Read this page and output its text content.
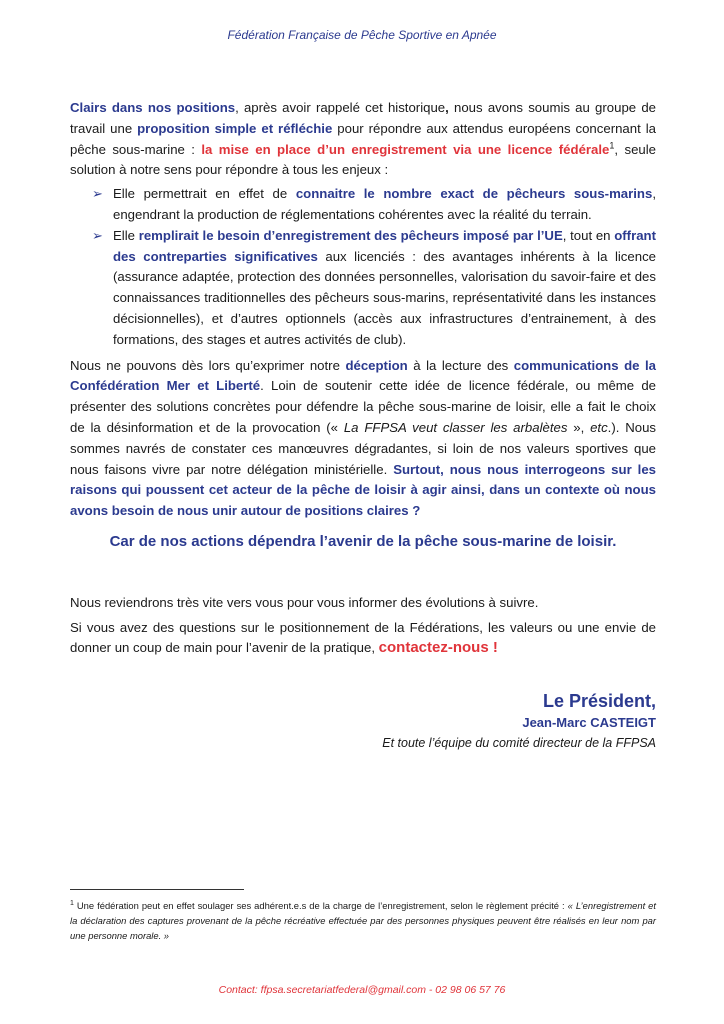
Fédération Française de Pêche Sportive en Apnée

Clairs dans nos positions, après avoir rappelé cet historique, nous avons soumis au groupe de travail une proposition simple et réfléchie pour répondre aux attendus européens concernant la pêche sous-marine : la mise en place d’un enregistrement via une licence fédérale$^1$, seule solution à notre sens pour répondre à tous les enjeux :

➢ Elle permettrait en effet de connaitre le nombre exact de pêcheurs sous-marins, engendrant la production de réglementations cohérentes avec la réalité du terrain.
➢ Elle remplirait le besoin d’enregistrement des pêcheurs imposé par l’UE, tout en offrant des contreparties significatives aux licenciés : des avantages inhérents à la licence (assurance adaptée, protection des données personnelles, valorisation du savoir-faire et des connaissances traditionnelles des pêcheurs sous-marins, représentativité dans les instances décisionnelles), et d’autres optionnels (accès aux infrastructures d’entrainement, à des formations, des stages et autres activités de club).

Nous ne pouvons dès lors qu’exprimer notre déception à la lecture des communications de la Confédération Mer et Liberté. Loin de soutenir cette idée de licence fédérale, ou même de présenter des solutions concrètes pour défendre la pêche sous-marine de loisir, elle a fait le choix de la désinformation et de la provocation (« La FFPSA veut classer les arbalètes », etc.). Nous sommes navrés de constater ces manœuvres dégradantes, si loin de nos valeurs sportives que nous faisons vivre par notre délégation ministérielle. Surtout, nous nous interrogeons sur les raisons qui poussent cet acteur de la pêche de loisir à agir ainsi, dans un contexte où nous avons besoin de nous unir autour de positions claires ?

Car de nos actions dépendra l’avenir de la pêche sous-marine de loisir.

Nous reviendrons très vite vers vous pour vous informer des évolutions à suivre.

Si vous avez des questions sur le positionnement de la Fédérations, les valeurs ou une envie de donner un coup de main pour l’avenir de la pratique, contactez-nous !

Le Président,
Jean-Marc CASTEIGT
Et toute l’équipe du comité directeur de la FFPSA
$^1$ Une fédération peut en effet soulager ses adhérent.e.s de la charge de l’enregistrement, selon le règlement précité : « L’enregistrement et la déclaration des captures provenant de la pêche récréative effectuée par des personnes physiques peuvent être réalisés en leur nom par une personne morale. »
Contact: ffpsa.secretariatfederal@gmail.com - 02 98 06 57 76
